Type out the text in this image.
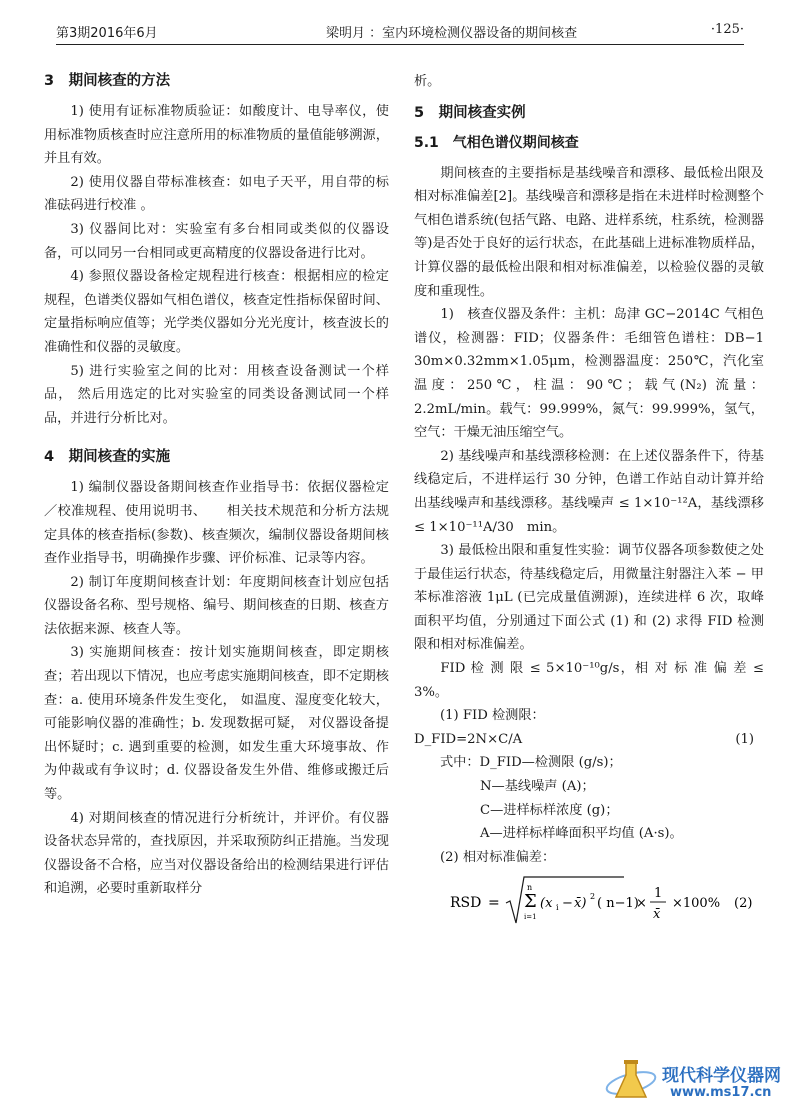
第3期2016年6月	梁明月 ：室内环境检测仪器设备的期间核查	·125·
3　期间核查的方法

1) 使用有证标准物质验证：如酸度计、电导率仪，使用标准物质核查时应注意所用的标准物质的量值能够溯源，并且有效。

2) 使用仪器自带标准核查：如电子天平，用自带的标准砝码进行校准 。

3) 仪器间比对：实验室有多台相同或类似的仪器设备，可以同另一台相同或更高精度的仪器设备进行比对。

4) 参照仪器设备检定规程进行核查：根据相应的检定规程，色谱类仪器如气相色谱仪，核查定性指标保留时间、定量指标响应值等；光学类仪器如分光光度计，核查波长的准确性和仪器的灵敏度。

5) 进行实验室之间的比对：用核查设备测试一个样品， 然后用选定的比对实验室的同类设备测试同一个样品，并进行分析比对。

4　期间核查的实施

1) 编制仪器设备期间核查作业指导书：依据仪器检定／校准规程、使用说明书、　　相关技术规范和分析方法规定具体的核查指标(参数)、核查频次，编制仪器设备期间核查作业指导书，明确操作步骤、评价标准、记录等内容。

2) 制订年度期间核查计划：年度期间核查计划应包括仪器设备名称、型号规格、编号、期间核查的日期、核查方法依据来源、核查人等。

3) 实施期间核查：按计划实施期间核查，即定期核查；若出现以下情况，也应考虑实施期间核查，即不定期核查：a. 使用环境条件发生变化， 如温度、湿度变化较大，可能影响仪器的准确性；b. 发现数据可疑， 对仪器设备提出怀疑时；c. 遇到重要的检测，如发生重大环境事故、作为仲裁或有争议时；d. 仪器设备发生外借、维修或搬迁后等。

4) 对期间核查的情况进行分析统计，并评价。有仪器设备状态异常的，查找原因，并采取预防纠正措施。当发现仪器设备不合格，应当对仪器设备给出的检测结果进行评估和追溯，必要时重新取样分

析。

5　期间核查实例
5.1　气相色谱仪期间核查

期间核查的主要指标是基线噪音和漂移、最低检出限及相对标准偏差[2]。基线噪音和漂移是指在未进样时检测整个气相色谱系统(包括气路、电路、进样系统，柱系统，检测器等)是否处于良好的运行状态，在此基础上进标准物质样品，计算仪器的最低检出限和相对标准偏差，以检验仪器的灵敏度和重现性。

1)　核查仪器及条件：主机：岛津 GC−2014C 气相色谱仪，检测器：FID；仪器条件：毛细管色谱柱：DB−1　30m×0.32mm×1.05μm，检测器温度：250℃，汽化室温度：250℃，柱温：90℃；载气(N₂) 流量：2.2mL/min。载气：99.999%，氮气：99.999%，氢气，空气：干燥无油压缩空气。

2) 基线噪声和基线漂移检测：在上述仪器条件下，待基线稳定后，不进样运行 30 分钟，色谱工作站自动计算并给出基线噪声和基线漂移。基线噪声 ≤ 1×10⁻¹²A，基线漂移 ≤ 1×10⁻¹¹A/30　min。

3) 最低检出限和重复性实验：调节仪器各项参数使之处于最佳运行状态，待基线稳定后，用微量注射器注入苯 − 甲苯标准溶液 1μL (已完成量值溯源)，连续进样 6 次，取峰面积平均值，分别通过下面公式 (1) 和 (2) 求得 FID 检测限和相对标准偏差。

FID 检 测 限 ≤ 5×10⁻¹⁰g/s，相 对 标 准 偏 差 ≤ 3%。

(1) FID 检测限：
D_FID=2N×C/A	(1)
式中：D_FID—检测限 (g/s)；
N—基线噪声 (A)；
C—进样标样浓度 (g)；
A—进样标样峰面积平均值 (A·s)。
(2) 相对标准偏差：
RSD =
n
Σ
i=1
(x i − x̄) 2 ( n−1)
×
1
x̄
×100% (2)
现代科学仪器网
www.ms17.cn
